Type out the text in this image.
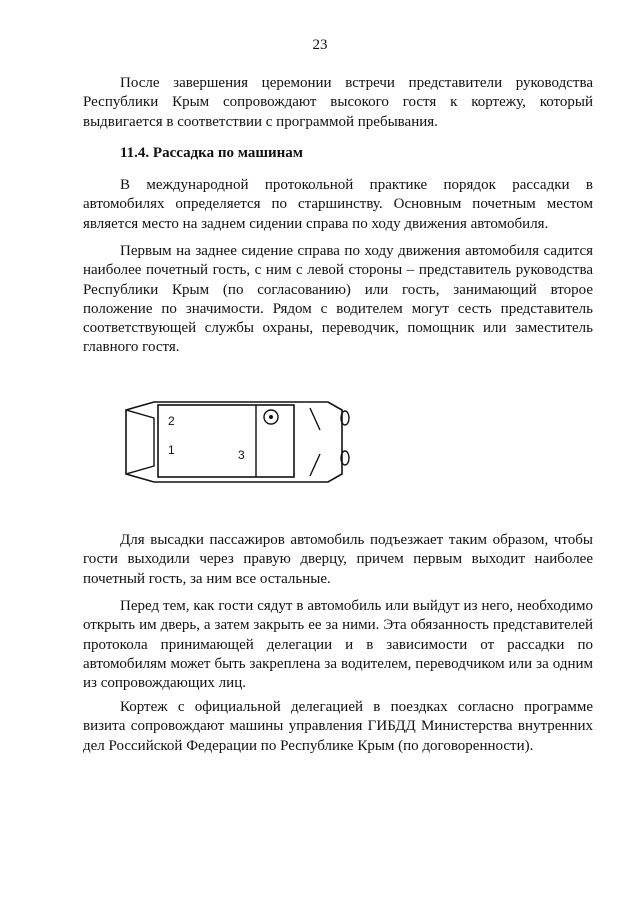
23

После завершения церемонии встречи представители руководства Республики Крым сопровождают высокого гостя к кортежу, который выдвигается в соответствии с программой пребывания.

11.4. Рассадка по машинам

В международной протокольной практике порядок рассадки в автомобилях определяется по старшинству. Основным почетным местом является место на заднем сидении справа по ходу движения автомобиля.

Первым на заднее сидение справа по ходу движения автомобиля садится наиболее почетный гость, с ним с левой стороны – представитель руководства Республики Крым (по согласованию) или гость, занимающий второе положение по значимости. Рядом с водителем могут сесть представитель соответствующей службы охраны, переводчик, помощник или заместитель главного гостя.

2
1	3

Для высадки пассажиров автомобиль подъезжает таким образом, чтобы гости выходили через правую дверцу, причем первым выходит наиболее почетный гость, за ним все остальные.

Перед тем, как гости сядут в автомобиль или выйдут из него, необходимо открыть им дверь, а затем закрыть ее за ними. Эта обязанность представителей протокола принимающей делегации и в зависимости от рассадки по автомобилям может быть закреплена за водителем, переводчиком или за одним из сопровождающих лиц.

Кортеж с официальной делегацией в поездках согласно программе визита сопровождают машины управления ГИБДД Министерства внутренних дел Российской Федерации по Республике Крым (по договоренности).
